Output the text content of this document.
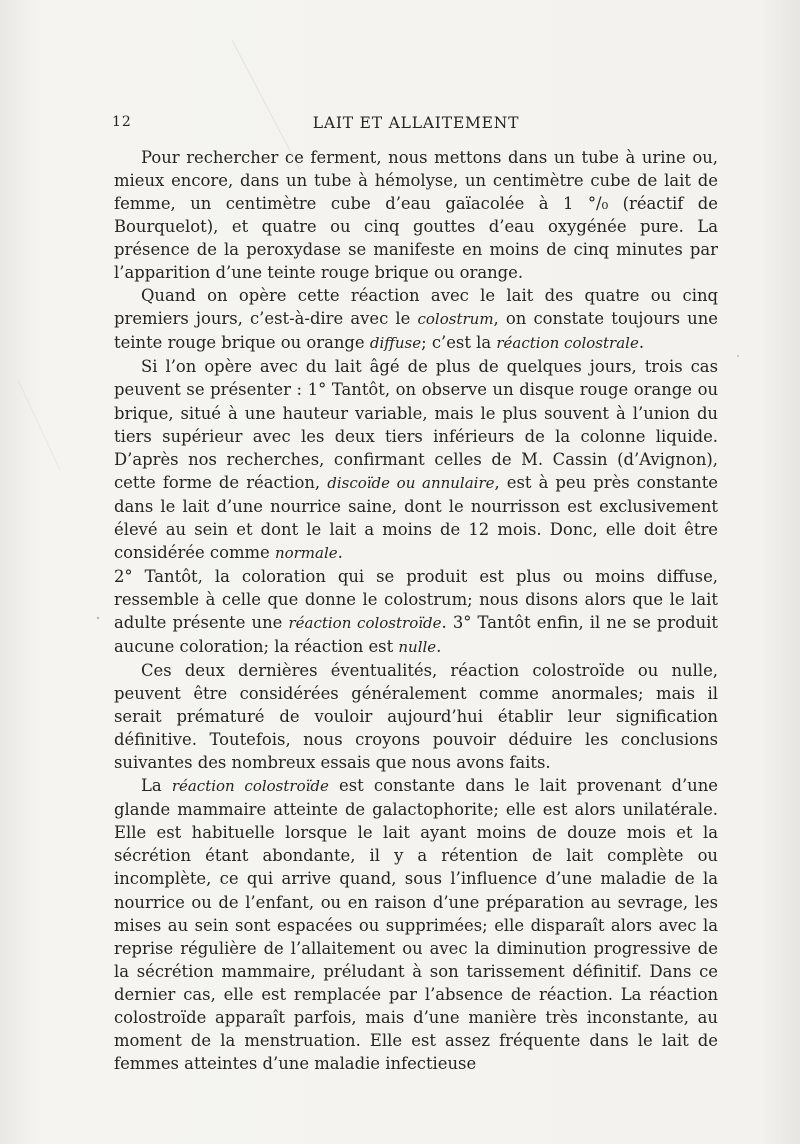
12	LAIT ET ALLAITEMENT

Pour rechercher ce ferment, nous mettons dans un tube à urine ou, mieux encore, dans un tube à hémolyse, un centimètre cube de lait de femme, un centimètre cube d’eau gaïacolée à 1 °/₀ (réactif de Bourquelot), et quatre ou cinq gouttes d’eau oxygénée pure. La présence de la peroxydase se manifeste en moins de cinq minutes par l’apparition d’une teinte rouge brique ou orange.

Quand on opère cette réaction avec le lait des quatre ou cinq premiers jours, c’est-à-dire avec le colostrum, on constate toujours une teinte rouge brique ou orange diffuse; c’est la réaction colostrale.

Si l’on opère avec du lait âgé de plus de quelques jours, trois cas peuvent se présenter : 1° Tantôt, on observe un disque rouge orange ou brique, situé à une hauteur variable, mais le plus souvent à l’union du tiers supérieur avec les deux tiers inférieurs de la colonne liquide. D’après nos recherches, confirmant celles de M. Cassin (d’Avignon), cette forme de réaction, discoïde ou annulaire, est à peu près constante dans le lait d’une nourrice saine, dont le nourrisson est exclusivement élevé au sein et dont le lait a moins de 12 mois. Donc, elle doit être considérée comme normale.

2° Tantôt, la coloration qui se produit est plus ou moins diffuse, ressemble à celle que donne le colostrum; nous disons alors que le lait adulte présente une réaction colostroïde. 3° Tantôt enfin, il ne se produit aucune coloration; la réaction est nulle.

Ces deux dernières éventualités, réaction colostroïde ou nulle, peuvent être considérées généralement comme anormales; mais il serait prématuré de vouloir aujourd’hui établir leur signification définitive. Toutefois, nous croyons pouvoir déduire les conclusions suivantes des nombreux essais que nous avons faits.

La réaction colostroïde est constante dans le lait provenant d’une glande mammaire atteinte de galactophorite; elle est alors unilatérale. Elle est habituelle lorsque le lait ayant moins de douze mois et la sécrétion étant abondante, il y a rétention de lait complète ou incomplète, ce qui arrive quand, sous l’influence d’une maladie de la nourrice ou de l’enfant, ou en raison d’une préparation au sevrage, les mises au sein sont espacées ou supprimées; elle disparaît alors avec la reprise régulière de l’allaitement ou avec la diminution progressive de la sécrétion mammaire, préludant à son tarissement définitif. Dans ce dernier cas, elle est remplacée par l’absence de réaction. La réaction colostroïde apparaît parfois, mais d’une manière très inconstante, au moment de la menstruation. Elle est assez fréquente dans le lait de femmes atteintes d’une maladie infectieuse
